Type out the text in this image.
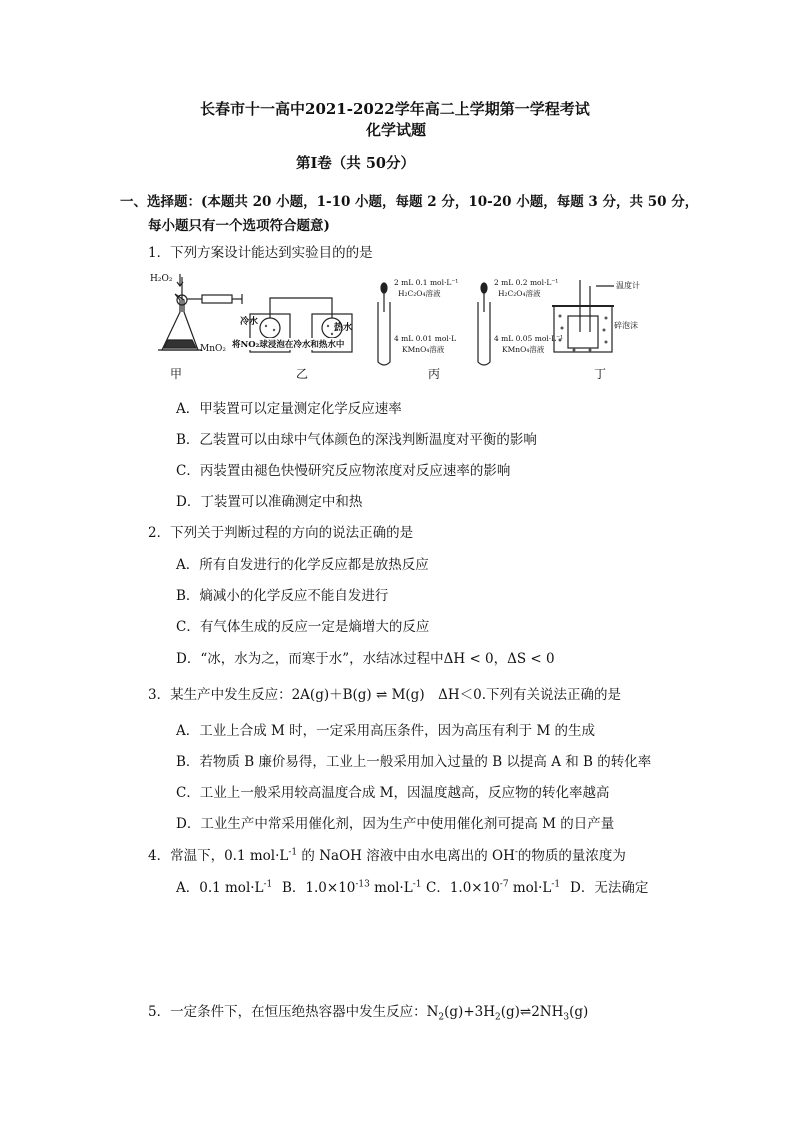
长春市十一高中2021-2022学年高二上学期第一学程考试
化学试题
第Ⅰ卷（共 50分）
一、选择题：(本题共 20 小题，1-10 小题，每题 2 分，10-20 小题，每题 3 分，共 50 分，
每小题只有一个选项符合题意)
1．下列方案设计能达到实验目的的是
H₂O₂
MnO₂
冷水
热水
将NO₂球浸泡在冷水和热水中
2 mL 0.1 mol·L⁻¹
H₂C₂O₄溶液
4 mL 0.01 mol·L
KMnO₄溶液
2 mL 0.2 mol·L⁻¹
H₂C₂O₄溶液
4 mL 0.05 mol·L⁻¹
KMnO₄溶液
温度计
碎泡沫
甲	乙	丙	丁
A．甲装置可以定量测定化学反应速率
B．乙装置可以由球中气体颜色的深浅判断温度对平衡的影响
C．丙装置由褪色快慢研究反应物浓度对反应速率的影响
D．丁装置可以准确测定中和热
2．下列关于判断过程的方向的说法正确的是
A．所有自发进行的化学反应都是放热反应
B．熵减小的化学反应不能自发进行
C．有气体生成的反应一定是熵增大的反应
D．“冰，水为之，而寒于水”，水结冰过程中ΔH < 0，ΔS < 0
3．某生产中发生反应：2A(g)＋B(g) ⇌ M(g)　ΔH＜0.下列有关说法正确的是
A．工业上合成 M 时，一定采用高压条件，因为高压有利于 M 的生成
B．若物质 B 廉价易得，工业上一般采用加入过量的 B 以提高 A 和 B 的转化率
C．工业上一般采用较高温度合成 M，因温度越高，反应物的转化率越高
D．工业生产中常采用催化剂，因为生产中使用催化剂可提高 M 的日产量
4．常温下，0.1 $mol\cdot L^{-1}$ 的 NaOH 溶液中由水电离出的 OH-的物质的量浓度为
A．0.1 $mol\cdot L^{-1}$ B．$1.0\times 10^{-13}$ $mol\cdot L^{-1}$ C．$1.0\times 10^{-7}$ $mol\cdot L^{-1}$ D．无法确定
5．一定条件下，在恒压绝热容器中发生反应：$N_2(g)+3H_2(g)\rightleftharpoons 2NH_3(g)$
